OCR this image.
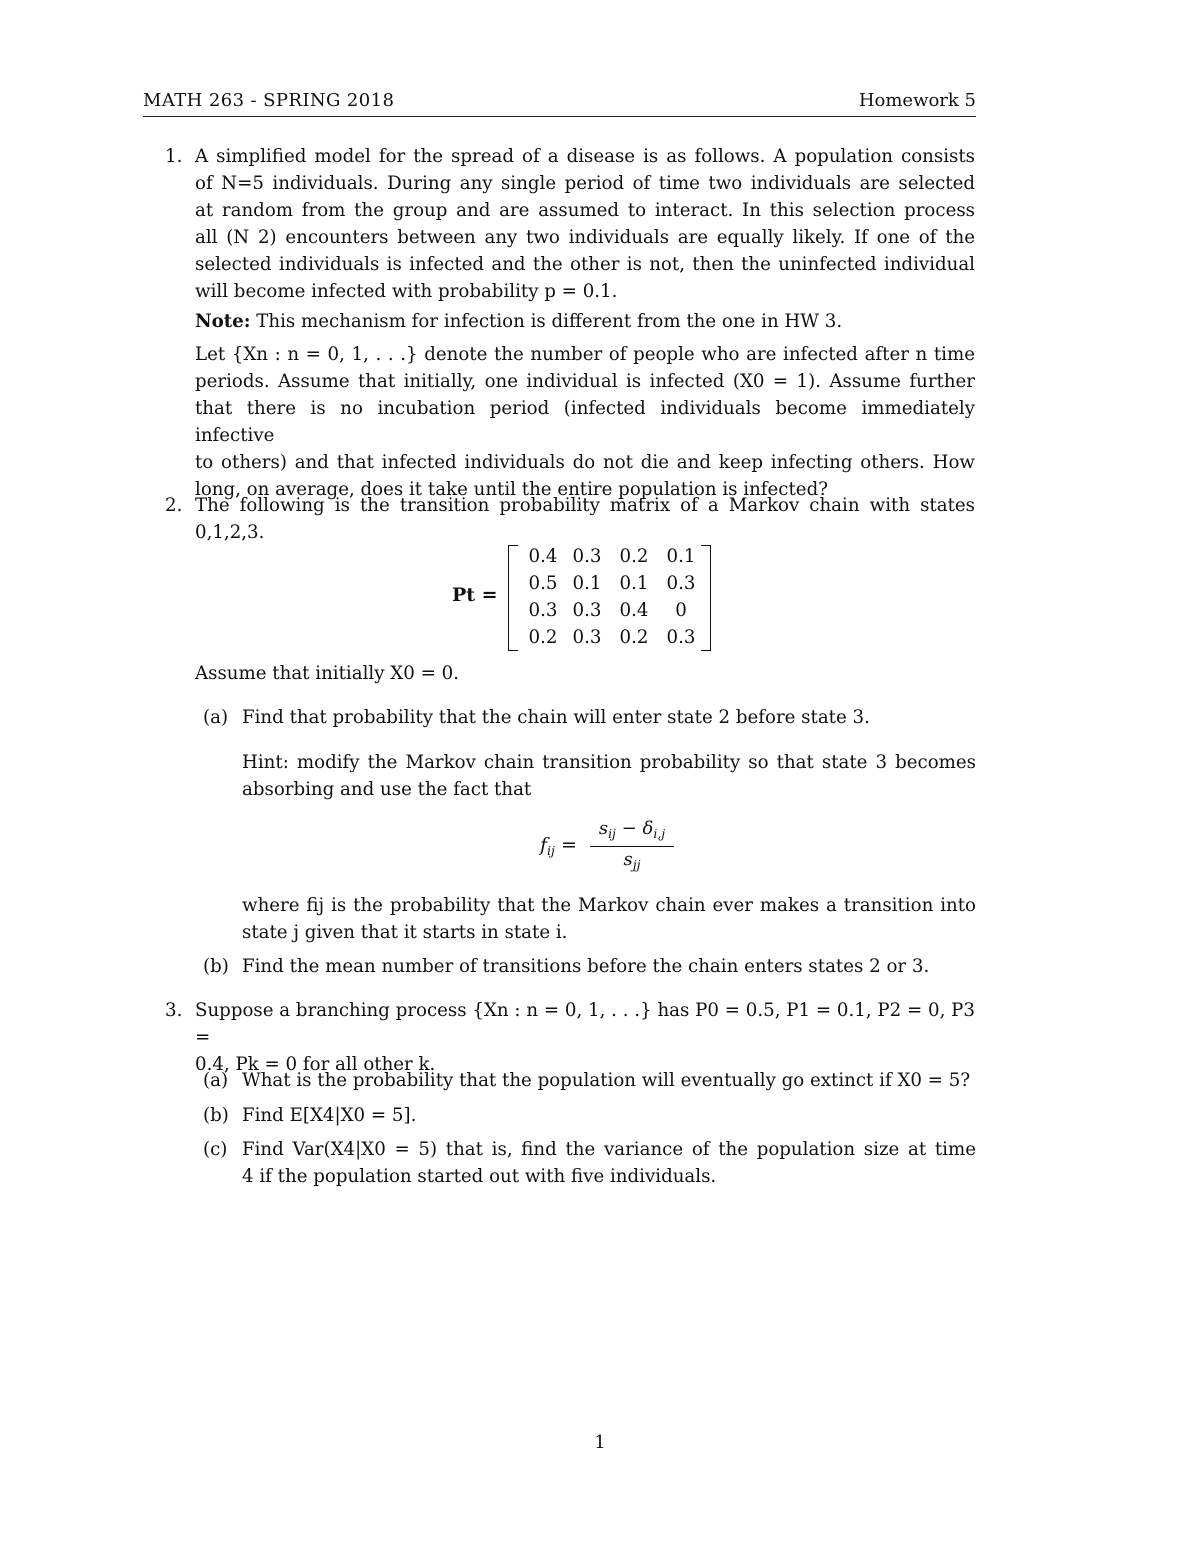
MATH 263 - SPRING 2018	Homework 5
1. A simplified model for the spread of a disease is as follows. A population consists
of N=5 individuals. During any single period of time two individuals are selected
at random from the group and are assumed to interact. In this selection process
all (N 2) encounters between any two individuals are equally likely. If one of the
selected individuals is infected and the other is not, then the uninfected individual
will become infected with probability p = 0.1.
Note: This mechanism for infection is different from the one in HW 3.
Let {Xn : n = 0, 1, . . .} denote the number of people who are infected after n time
periods. Assume that initially, one individual is infected (X0 = 1). Assume further
that there is no incubation period (infected individuals become immediately infective
to others) and that infected individuals do not die and keep infecting others. How
long, on average, does it take until the entire population is infected?
2. The following is the transition probability matrix of a Markov chain with states
0,1,2,3.
Pt =
0.4 0.3 0.2 0.1
0.5 0.1 0.1 0.3
0.3 0.3 0.4	0
0.2 0.3 0.2 0.3
Assume that initially X0 = 0.
(a) Find that probability that the chain will enter state 2 before state 3.
Hint: modify the Markov chain transition probability so that state 3 becomes
absorbing and use the fact that
$f_{ij}$ =
$s_{ij} - \delta_{i,j}$
$s_{jj}$
where fij is the probability that the Markov chain ever makes a transition into
state j given that it starts in state i.
(b) Find the mean number of transitions before the chain enters states 2 or 3.
3. Suppose a branching process {Xn : n = 0, 1, . . .} has P0 = 0.5, P1 = 0.1, P2 = 0, P3 =
0.4, Pk = 0 for all other k.
(a) What is the probability that the population will eventually go extinct if X0 = 5?
(b) Find E[X4|X0 = 5].
(c) Find Var(X4|X0 = 5) that is, find the variance of the population size at time
4 if the population started out with five individuals.
1
